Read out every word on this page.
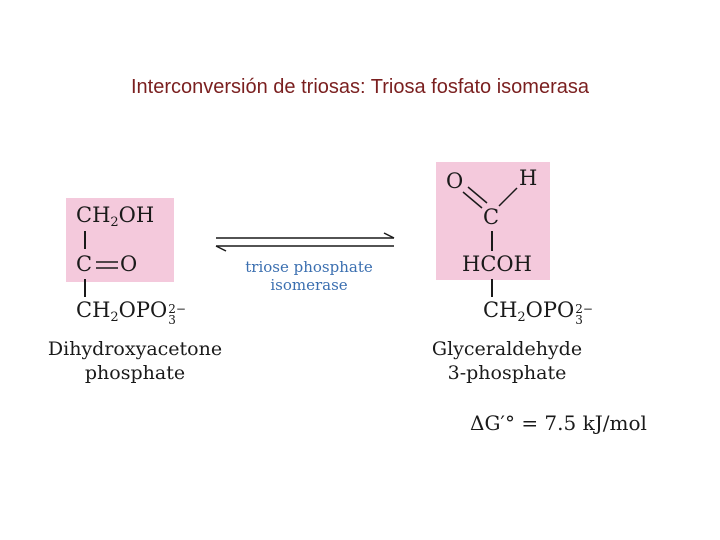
Interconversión de triosas: Triosa fosfato isomerasa
$CH_2OH$
C O
$CH_2OPO2-$
3
Dihydroxyacetone
phosphate
triose phosphate
isomerase
O	H
C
HCOH
$CH_2OPO2-$
3
Glyceraldehyde
3-phosphate
ΔG′° = 7.5 kJ/mol
